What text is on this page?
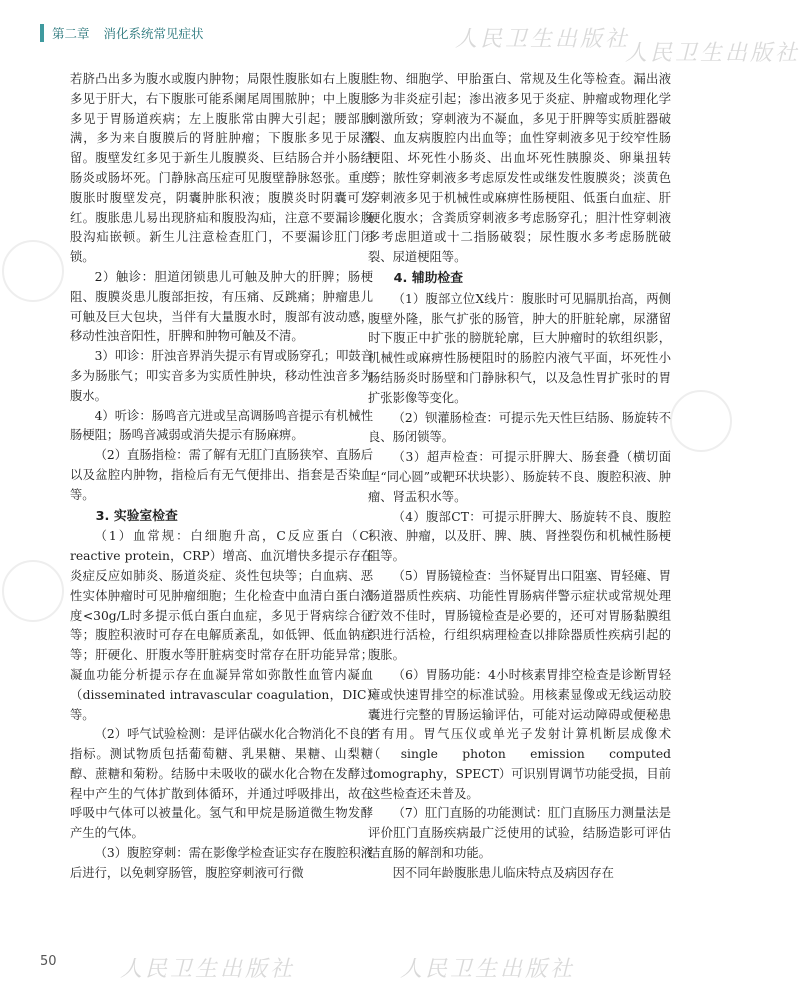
人民卫生出版社
人民卫生出版社
人民卫生出版社	人民卫生出版社
第二章 消化系统常见症状

若脐凸出多为腹水或腹内肿物；局限性腹胀如右上腹胀多见于肝大，右下腹胀可能系阑尾周围脓肿；中上腹胀多见于胃肠道疾病；左上腹胀常由脾大引起；腰部胀满，多为来自腹膜后的肾脏肿瘤；下腹胀多见于尿潴留。腹壁发红多见于新生儿腹膜炎、巨结肠合并小肠结肠炎或肠坏死。门静脉高压症可见腹壁静脉怒张。重度腹胀时腹壁发亮，阴囊肿胀积液；腹膜炎时阴囊可发红。腹胀患儿易出现脐疝和腹股沟疝，注意不要漏诊腹股沟疝嵌顿。新生儿注意检查肛门，不要漏诊肛门闭锁。

2）触诊：胆道闭锁患儿可触及肿大的肝脾；肠梗阻、腹膜炎患儿腹部拒按，有压痛、反跳痛；肿瘤患儿可触及巨大包块，当伴有大量腹水时，腹部有波动感，移动性浊音阳性，肝脾和肿物可触及不清。

3）叩诊：肝浊音界消失提示有胃或肠穿孔；叩鼓音多为肠胀气；叩实音多为实质性肿块，移动性浊音多为腹水。

4）听诊：肠鸣音亢进或呈高调肠鸣音提示有机械性肠梗阻；肠鸣音减弱或消失提示有肠麻痹。

（2）直肠指检：需了解有无肛门直肠狭窄、直肠后以及盆腔内肿物，指检后有无气便排出、指套是否染血等。

3. 实验室检查

（1）血常规：白细胞升高，C反应蛋白（C-reactive protein，CRP）增高、血沉增快多提示存在炎症反应如肺炎、肠道炎症、炎性包块等；白血病、恶性实体肿瘤时可见肿瘤细胞；生化检查中血清白蛋白浓度<30g/L时多提示低白蛋白血症，多见于肾病综合征等；腹腔积液时可存在电解质紊乱，如低钾、低血钠症等；肝硬化、肝腹水等肝脏病变时常存在肝功能异常；凝血功能分析提示存在血凝异常如弥散性血管内凝血（disseminated intravascular coagulation，DIC）等。

（2）呼气试验检测：是评估碳水化合物消化不良的指标。测试物质包括葡萄糖、乳果糖、果糖、山梨糖醇、蔗糖和菊粉。结肠中未吸收的碳水化合物在发酵过程中产生的气体扩散到体循环，并通过呼吸排出，故在呼吸中气体可以被量化。氢气和甲烷是肠道微生物发酵产生的气体。

（3）腹腔穿刺：需在影像学检查证实存在腹腔积液后进行，以免刺穿肠管，腹腔穿刺液可行微

生物、细胞学、甲胎蛋白、常规及生化等检查。漏出液多为非炎症引起；渗出液多见于炎症、肿瘤或物理化学刺激所致；穿刺液为不凝血，多见于肝脾等实质脏器破裂、血友病腹腔内出血等；血性穿刺液多见于绞窄性肠梗阻、坏死性小肠炎、出血坏死性胰腺炎、卵巢扭转等；脓性穿刺液多考虑原发性或继发性腹膜炎；淡黄色穿刺液多见于机械性或麻痹性肠梗阻、低蛋白血症、肝硬化腹水；含粪质穿刺液多考虑肠穿孔；胆汁性穿刺液多考虑胆道或十二指肠破裂；尿性腹水多考虑肠胱破裂、尿道梗阻等。

4. 辅助检查

（1）腹部立位X线片：腹胀时可见膈肌抬高，两侧腹壁外隆，胀气扩张的肠管，肿大的肝脏轮廓，尿潴留时下腹正中扩张的膀胱轮廓，巨大肿瘤时的软组织影，机械性或麻痹性肠梗阻时的肠腔内液气平面，坏死性小肠结肠炎时肠壁和门静脉积气，以及急性胃扩张时的胃扩张影像等变化。

（2）钡灌肠检查：可提示先天性巨结肠、肠旋转不良、肠闭锁等。

（3）超声检查：可提示肝脾大、肠套叠（横切面呈“同心圆”或靶环状块影）、肠旋转不良、腹腔积液、肿瘤、肾盂积水等。

（4）腹部CT：可提示肝脾大、肠旋转不良、腹腔积液、肿瘤，以及肝、脾、胰、肾挫裂伤和机械性肠梗阻等。

（5）胃肠镜检查：当怀疑胃出口阻塞、胃轻瘫、胃肠道器质性疾病、功能性胃肠病伴警示症状或常规处理疗效不佳时，胃肠镜检查是必要的，还可对胃肠黏膜组织进行活检，行组织病理检查以排除器质性疾病引起的腹胀。

（6）胃肠功能：4小时核素胃排空检查是诊断胃轻瘫或快速胃排空的标准试验。用核素显像或无线运动胶囊进行完整的胃肠运输评估，可能对运动障碍或便秘患者有用。胃气压仪或单光子发射计算机断层成像术（single photon emission computed tomography，SPECT）可识别胃调节功能受损，目前这些检查还未普及。

（7）肛门直肠的功能测试：肛门直肠压力测量法是评价肛门直肠疾病最广泛使用的试验，结肠造影可评估结直肠的解剖和功能。

因不同年龄腹胀患儿临床特点及病因存在

50
